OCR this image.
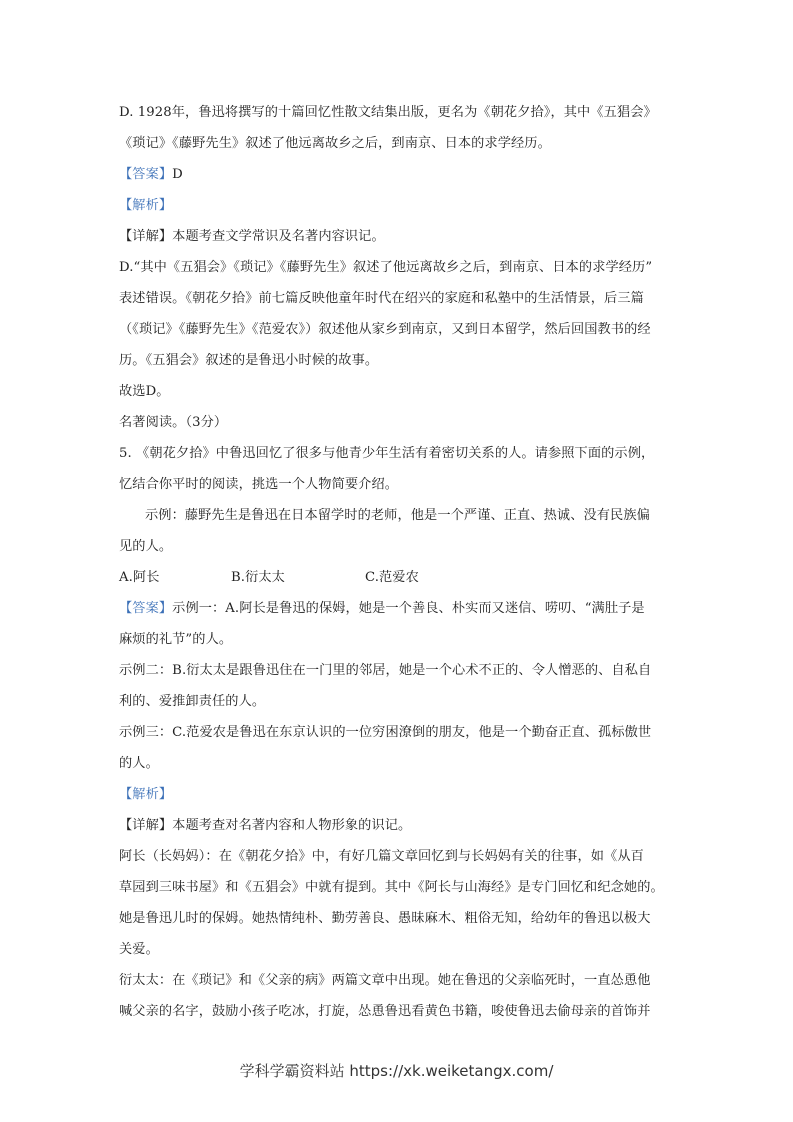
D. 1928年，鲁迅将撰写的十篇回忆性散文结集出版，更名为《朝花夕拾》，其中《五猖会》
《琐记》《藤野先生》叙述了他远离故乡之后，到南京、日本的求学经历。
【答案】D
【解析】
【详解】本题考查文学常识及名著内容识记。
D.“其中《五猖会》《琐记》《藤野先生》叙述了他远离故乡之后，到南京、日本的求学经历”
表述错误。《朝花夕拾》前七篇反映他童年时代在绍兴的家庭和私塾中的生活情景，后三篇
（《琐记》《藤野先生》《范爱农》）叙述他从家乡到南京，又到日本留学，然后回国教书的经
历。《五猖会》叙述的是鲁迅小时候的故事。
故选D。
名著阅读。（3分）
5. 《朝花夕拾》中鲁迅回忆了很多与他青少年生活有着密切关系的人。请参照下面的示例，
忆结合你平时的阅读，挑选一个人物简要介绍。
示例：藤野先生是鲁迅在日本留学时的老师，他是一个严谨、正直、热诚、没有民族偏
见的人。
A.阿长	B.衍太太	C.范爱农
【答案】示例一：A.阿长是鲁迅的保姆，她是一个善良、朴实而又迷信、唠叨、“满肚子是
麻烦的礼节”的人。
示例二：B.衍太太是跟鲁迅住在一门里的邻居，她是一个心术不正的、令人憎恶的、自私自
利的、爱推卸责任的人。
示例三：C.范爱农是鲁迅在东京认识的一位穷困潦倒的朋友，他是一个勤奋正直、孤标傲世
的人。
【解析】
【详解】本题考查对名著内容和人物形象的识记。
阿长（长妈妈）：在《朝花夕拾》中，有好几篇文章回忆到与长妈妈有关的往事，如《从百
草园到三味书屋》和《五猖会》中就有提到。其中《阿长与山海经》是专门回忆和纪念她的。
她是鲁迅儿时的保姆。她热情纯朴、勤劳善良、愚昧麻木、粗俗无知，给幼年的鲁迅以极大
关爱。
衍太太：在《琐记》和《父亲的病》两篇文章中出现。她在鲁迅的父亲临死时，一直怂恿他
喊父亲的名字，鼓励小孩子吃冰，打旋，怂恿鲁迅看黄色书籍，唆使鲁迅去偷母亲的首饰并
学科学霸资料站 https://xk.weiketangx.com/
